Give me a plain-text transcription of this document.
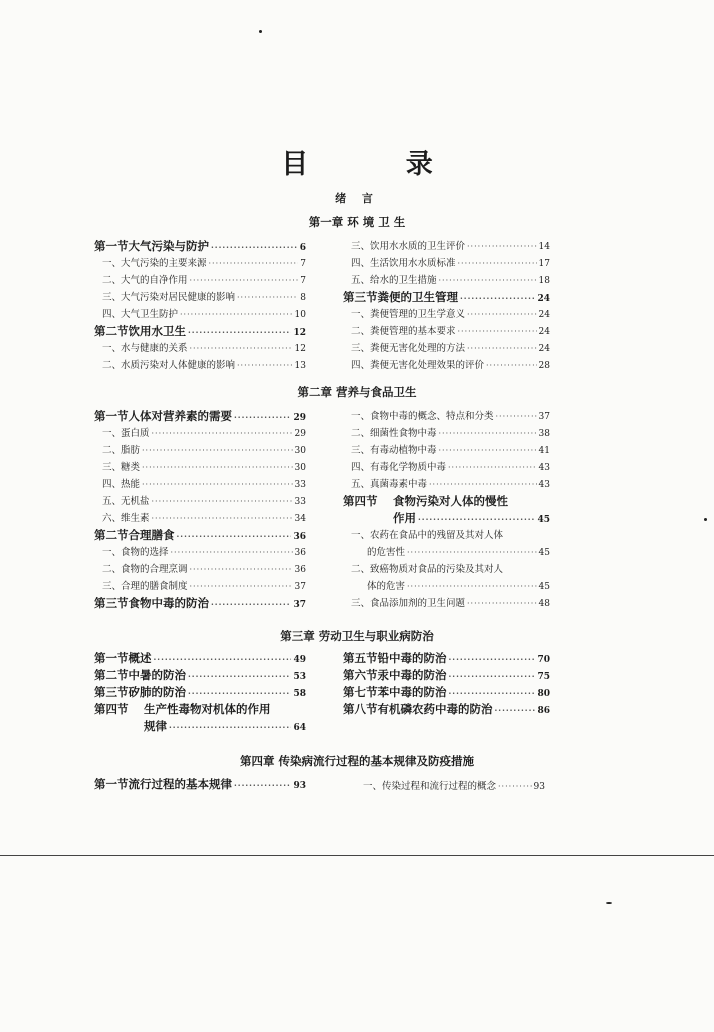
目 录
绪 言
第一章 环 境 卫 生
第一节 大气污染与防护 ·····	6
一、大气污染的主要来源 ·····	7
二、大气的自净作用 ·····	7
三、大气污染对居民健康的影响 ·····	8
四、大气卫生防护 ·····	10
第二节 饮用水卫生 ·····	12
一、水与健康的关系 ·····	12
二、水质污染对人体健康的影响 ·····	13
三、饮用水水质的卫生评价 ·····	14
四、生活饮用水水质标准 ·····	17
五、给水的卫生措施 ·····	18
第三节 粪便的卫生管理 ·····	24
一、粪便管理的卫生学意义 ·····	24
二、粪便管理的基本要求 ·····	24
三、粪便无害化处理的方法 ·····	24
四、粪便无害化处理效果的评价 ·····	28
第二章 营养与食品卫生
第一节 人体对营养素的需要 ·····	29
一、蛋白质 ·····	29
二、脂肪 ·····	30
三、糖类 ·····	30
四、热能 ·····	33
五、无机盐 ·····	33
六、维生素 ·····	34
第二节 合理膳食 ·····	36
一、食物的选择 ·····	36
二、食物的合理烹调 ·····	36
三、合理的膳食制度 ·····	37
第三节 食物中毒的防治 ·····	37
一、食物中毒的概念、特点和分类 ·····	37
二、细菌性食物中毒 ·····	38
三、有毒动植物中毒 ·····	41
四、有毒化学物质中毒 ·····	43
五、真菌毒素中毒 ·····	43
第四节	食物污染对人体的慢性
作用 ·····	45
一、农药在食品中的残留及其对人体
的危害性 ·····	45
二、致癌物质对食品的污染及其对人
体的危害 ·····	45
三、食品添加剂的卫生问题 ·····	48
第三章 劳动卫生与职业病防治
第一节 概述 ·····	49
第二节 中暑的防治 ·····	53
第三节 矽肺的防治 ·····	58
第四节	生产性毒物对机体的作用
规律 ·····	64
第五节 铅中毒的防治 ·····	70
第六节 汞中毒的防治 ·····	75
第七节 苯中毒的防治 ·····	80
第八节 有机磷农药中毒的防治 ·····	86
第四章 传染病流行过程的基本规律及防疫措施
第一节 流行过程的基本规律 ·····	93	一、传染过程和流行过程的概念 ·····	93
